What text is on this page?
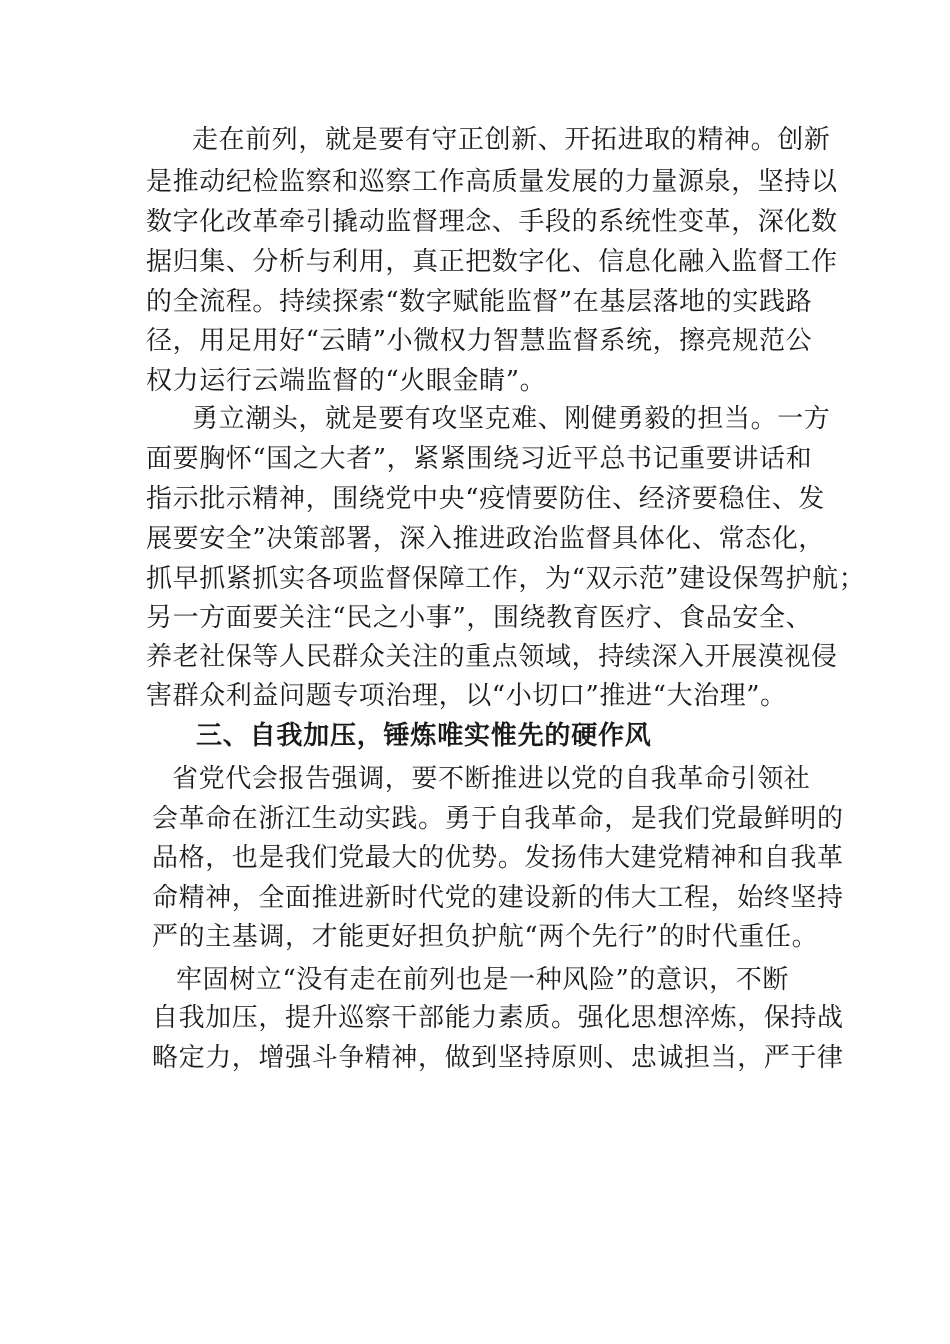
走在前列，就是要有守正创新、开拓进取的精神。创新
是推动纪检监察和巡察工作高质量发展的力量源泉，坚持以
数字化改革牵引撬动监督理念、手段的系统性变革，深化数
据归集、分析与利用，真正把数字化、信息化融入监督工作
的全流程。持续探索“数字赋能监督”在基层落地的实践路
径，用足用好“云睛”小微权力智慧监督系统，擦亮规范公
权力运行云端监督的“火眼金睛”。
勇立潮头，就是要有攻坚克难、刚健勇毅的担当。一方
面要胸怀“国之大者”，紧紧围绕习近平总书记重要讲话和
指示批示精神，围绕党中央“疫情要防住、经济要稳住、发
展要安全”决策部署，深入推进政治监督具体化、常态化，
抓早抓紧抓实各项监督保障工作，为“双示范”建设保驾护航；
另一方面要关注“民之小事”，围绕教育医疗、食品安全、
养老社保等人民群众关注的重点领域，持续深入开展漠视侵
害群众利益问题专项治理，以“小切口”推进“大治理”。
三、自我加压，锤炼唯实惟先的硬作风
省党代会报告强调，要不断推进以党的自我革命引领社
会革命在浙江生动实践。勇于自我革命，是我们党最鲜明的
品格，也是我们党最大的优势。发扬伟大建党精神和自我革
命精神，全面推进新时代党的建设新的伟大工程，始终坚持
严的主基调，才能更好担负护航“两个先行”的时代重任。
牢固树立“没有走在前列也是一种风险”的意识，不断
自我加压，提升巡察干部能力素质。强化思想淬炼，保持战
略定力，增强斗争精神，做到坚持原则、忠诚担当，严于律
